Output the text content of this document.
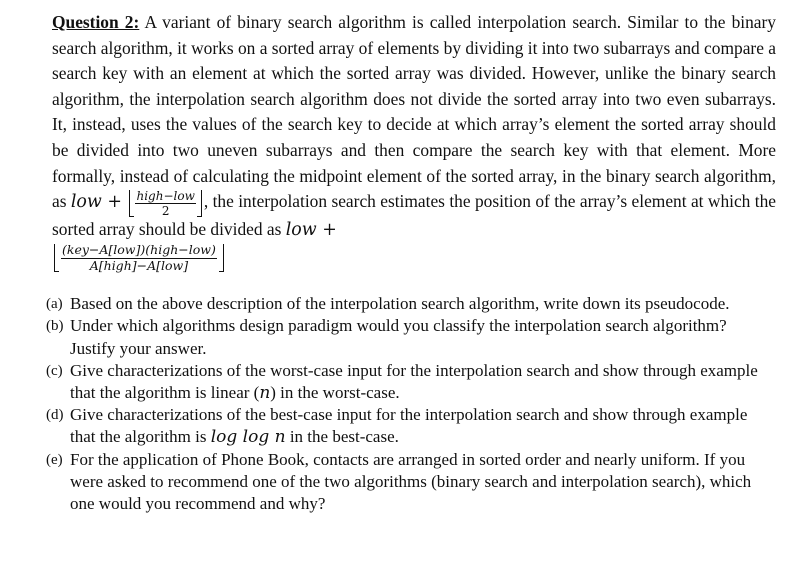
Question 2: A variant of binary search algorithm is called interpolation search. Similar to the binary search algorithm, it works on a sorted array of elements by dividing it into two subarrays and compare a search key with an element at which the sorted array was divided. However, unlike the binary search algorithm, the interpolation search algorithm does not divide the sorted array into two even subarrays. It, instead, uses the values of the search key to decide at which array’s element the sorted array should be divided into two uneven subarrays and then compare the search key with that element. More formally, instead of calculating the midpoint element of the sorted array, in the binary search algorithm, as low + $\frac{\text{high−low}}{2}$ , the interpolation search estimates the position of the array’s element at which the sorted array should be divided as low +

$\frac{\text{(key−A[low])(high−low)}}{\text{A[high]−A[low]}}$
(a) Based on the above description of the interpolation search algorithm, write down its pseudocode.
(b) Under which algorithms design paradigm would you classify the interpolation search algorithm? Justify your answer.
(c) Give characterizations of the worst-case input for the interpolation search and show through example that the algorithm is linear (n) in the worst-case.
(d) Give characterizations of the best-case input for the interpolation search and show through example that the algorithm is log log n in the best-case.
(e) For the application of Phone Book, contacts are arranged in sorted order and nearly uniform. If you were asked to recommend one of the two algorithms (binary search and interpolation search), which one would you recommend and why?
